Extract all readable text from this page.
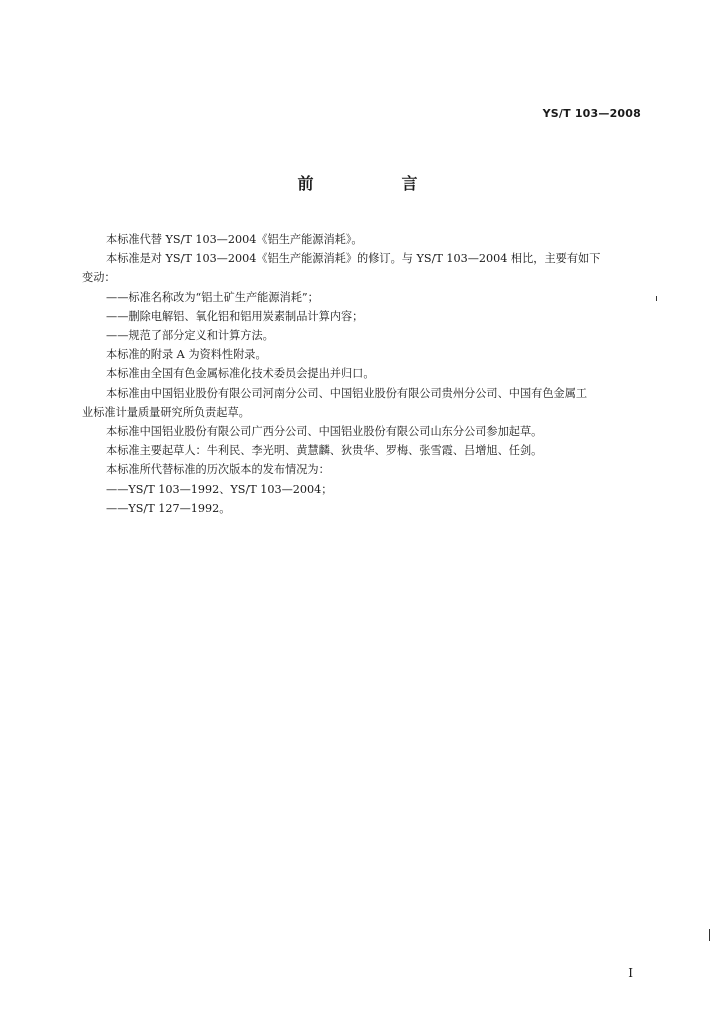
YS/T 103—2008
前　言

本标准代替 YS/T 103—2004《铝生产能源消耗》。

本标准是对 YS/T 103—2004《铝生产能源消耗》的修订。与 YS/T 103—2004 相比，主要有如下

变动：

——标准名称改为“铝土矿生产能源消耗”；

——删除电解铝、氧化铝和铝用炭素制品计算内容；

——规范了部分定义和计算方法。

本标准的附录 A 为资料性附录。

本标准由全国有色金属标准化技术委员会提出并归口。

本标准由中国铝业股份有限公司河南分公司、中国铝业股份有限公司贵州分公司、中国有色金属工

业标准计量质量研究所负责起草。

本标准中国铝业股份有限公司广西分公司、中国铝业股份有限公司山东分公司参加起草。

本标准主要起草人：牛利民、李光明、黄慧麟、狄贵华、罗梅、张雪霞、吕增旭、任剑。

本标准所代替标准的历次版本的发布情况为：

——YS/T 103—1992、YS/T 103—2004；

——YS/T 127—1992。

I
